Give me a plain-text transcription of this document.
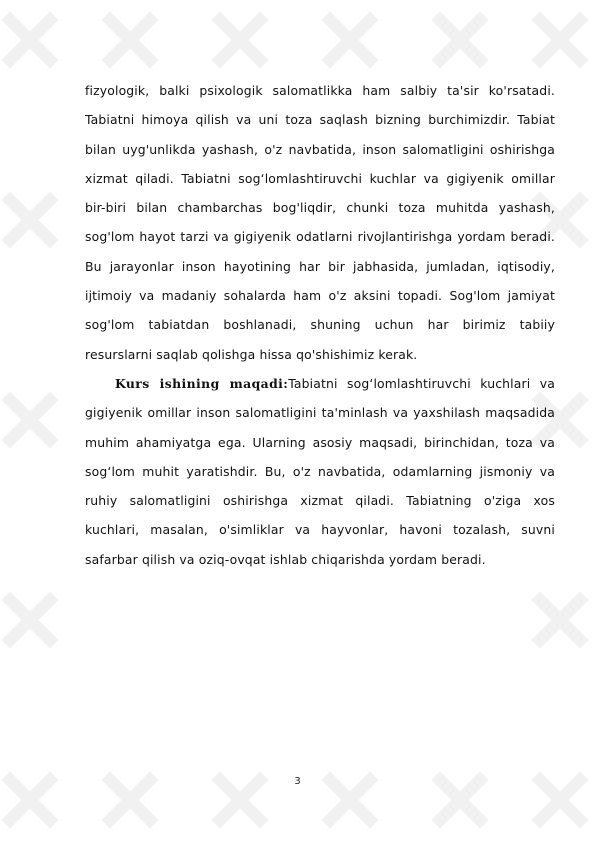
fizyologik, balki psixologik salomatlikka ham salbiy ta'sir ko'rsatadi. Tabiatni himoya qilish va uni toza saqlash bizning burchimizdir. Tabiat bilan uyg'unlikda yashash, o'z navbatida, inson salomatligini oshirishga xizmat qiladi. Tabiatni sog‘lomlashtiruvchi kuchlar va gigiyenik omillar bir-biri bilan chambarchas bog'liqdir, chunki toza muhitda yashash, sog'lom hayot tarzi va gigiyenik odatlarni rivojlantirishga yordam beradi. Bu jarayonlar inson hayotining har bir jabhasida, jumladan, iqtisodiy, ijtimoiy va madaniy sohalarda ham o'z aksini topadi. Sog'lom jamiyat sog'lom tabiatdan boshlanadi, shuning uchun har birimiz tabiiy resurslarni saqlab qolishga hissa qo'shishimiz kerak.

Kurs ishining maqadi:Tabiatni sog‘lomlashtiruvchi kuchlari va gigiyenik omillar inson salomatligini ta'minlash va yaxshilash maqsadida muhim ahamiyatga ega. Ularning asosiy maqsadi, birinchidan, toza va sog‘lom muhit yaratishdir. Bu, o'z navbatida, odamlarning jismoniy va ruhiy salomatligini oshirishga xizmat qiladi. Tabiatning o'ziga xos kuchlari, masalan, o'simliklar va hayvonlar, havoni tozalash, suvni safarbar qilish va oziq-ovqat ishlab chiqarishda yordam beradi.

3
